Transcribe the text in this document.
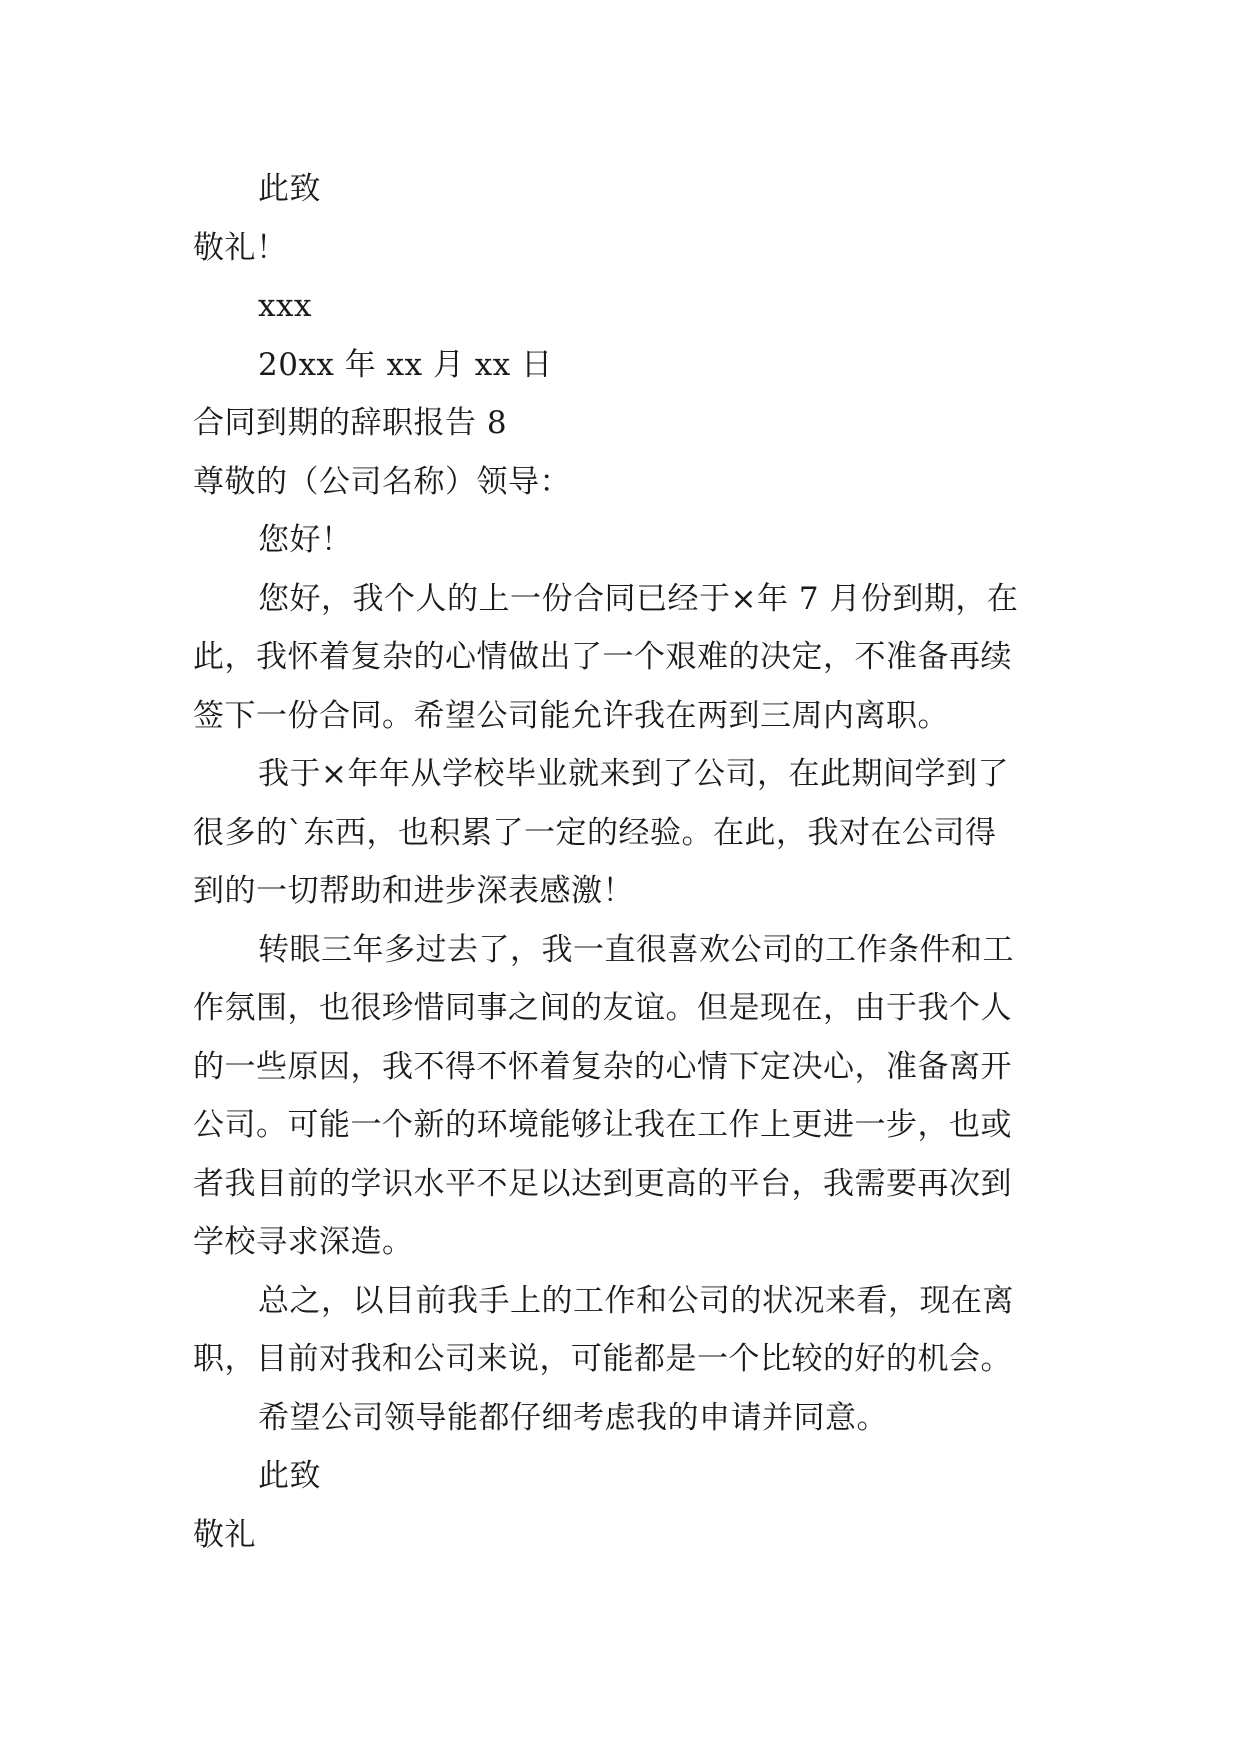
此致
敬礼！
xxx
20xx 年 xx 月 xx 日
合同到期的辞职报告 8
尊敬的（公司名称）领导：
您好！
您好，我个人的上一份合同已经于×年 7 月份到期，在
此，我怀着复杂的心情做出了一个艰难的决定，不准备再续
签下一份合同。希望公司能允许我在两到三周内离职。
我于×年年从学校毕业就来到了公司，在此期间学到了
很多的`东西，也积累了一定的经验。在此，我对在公司得
到的一切帮助和进步深表感激！
转眼三年多过去了，我一直很喜欢公司的工作条件和工
作氛围，也很珍惜同事之间的友谊。但是现在，由于我个人
的一些原因，我不得不怀着复杂的心情下定决心，准备离开
公司。可能一个新的环境能够让我在工作上更进一步，也或
者我目前的学识水平不足以达到更高的平台，我需要再次到
学校寻求深造。
总之，以目前我手上的工作和公司的状况来看，现在离
职，目前对我和公司来说，可能都是一个比较的好的机会。
希望公司领导能都仔细考虑我的申请并同意。
此致
敬礼
